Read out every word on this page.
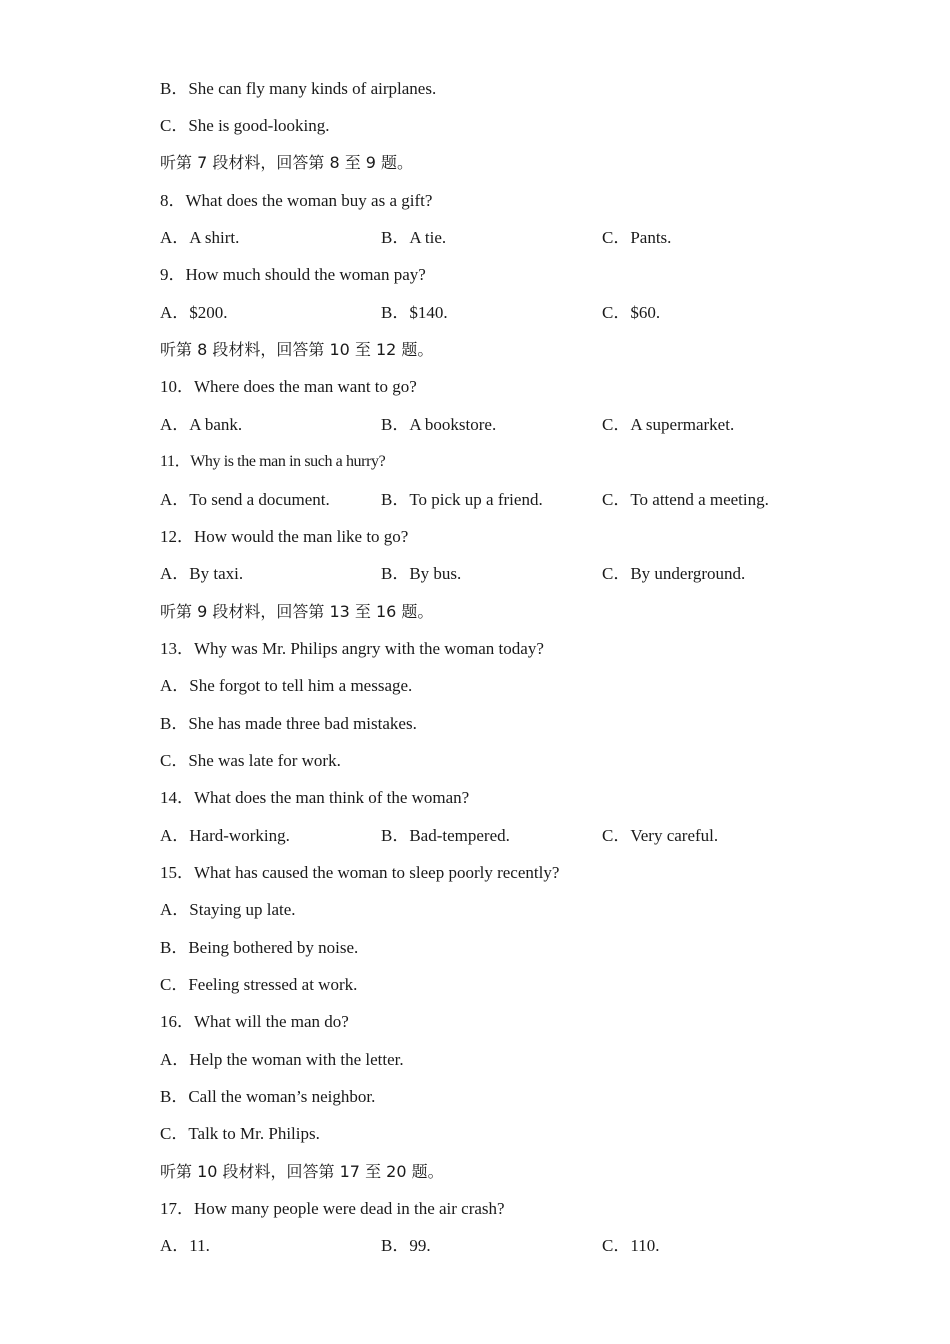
B．She can fly many kinds of airplanes.
C．She is good-looking.
听第 7 段材料，回答第 8 至 9 题。
8．What does the woman buy as a gift?
A．A shirt.	B．A tie.	C．Pants.
9．How much should the woman pay?
A．$200.	B．$140.	C．$60.
听第 8 段材料，回答第 10 至 12 题。
10．Where does the man want to go?
A．A bank.	B．A bookstore.	C．A supermarket.
11．Why is the man in such a hurry?
A．To send a document.	B．To pick up a friend.	C．To attend a meeting.
12．How would the man like to go?
A．By taxi.	B．By bus.	C．By underground.
听第 9 段材料，回答第 13 至 16 题。
13．Why was Mr. Philips angry with the woman today?
A．She forgot to tell him a message.
B．She has made three bad mistakes.
C．She was late for work.
14．What does the man think of the woman?
A．Hard-working.	B．Bad-tempered.	C．Very careful.
15．What has caused the woman to sleep poorly recently?
A．Staying up late.
B．Being bothered by noise.
C．Feeling stressed at work.
16．What will the man do?
A．Help the woman with the letter.
B．Call the woman’s neighbor.
C．Talk to Mr. Philips.
听第 10 段材料，回答第 17 至 20 题。
17．How many people were dead in the air crash?
A．11.	B．99.	C．110.
